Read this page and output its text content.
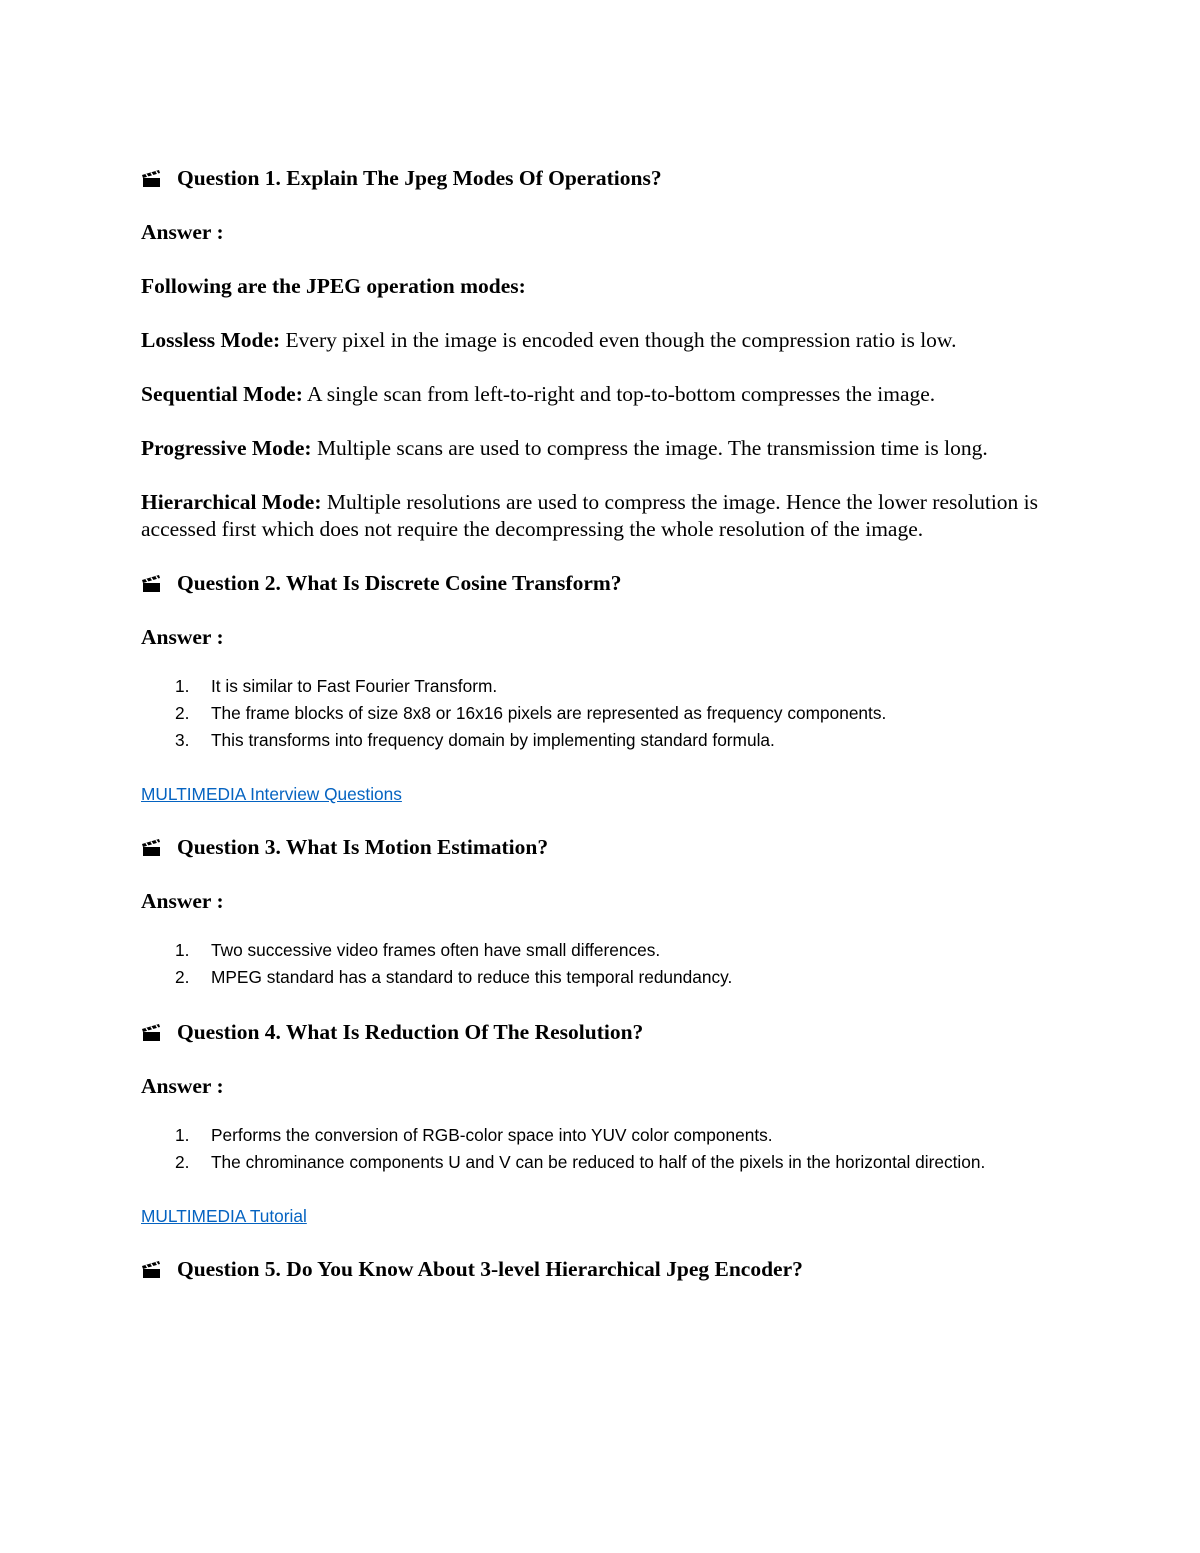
Question 1. Explain The Jpeg Modes Of Operations?

Answer :

Following are the JPEG operation modes:

Lossless Mode: Every pixel in the image is encoded even though the compression ratio is low.

Sequential Mode: A single scan from left-to-right and top-to-bottom compresses the image.

Progressive Mode: Multiple scans are used to compress the image. The transmission time is long.

Hierarchical Mode: Multiple resolutions are used to compress the image. Hence the lower resolution is accessed first which does not require the decompressing the whole resolution of the image.

Question 2. What Is Discrete Cosine Transform?

Answer :

1. It is similar to Fast Fourier Transform.
2. The frame blocks of size 8x8 or 16x16 pixels are represented as frequency components.
3. This transforms into frequency domain by implementing standard formula.

MULTIMEDIA Interview Questions

Question 3. What Is Motion Estimation?

Answer :

1. Two successive video frames often have small differences.
2. MPEG standard has a standard to reduce this temporal redundancy.
Question 4. What Is Reduction Of The Resolution?

Answer :

1. Performs the conversion of RGB-color space into YUV color components.
2. The chrominance components U and V can be reduced to half of the pixels in the horizontal direction.

MULTIMEDIA Tutorial

Question 5. Do You Know About 3-level Hierarchical Jpeg Encoder?
